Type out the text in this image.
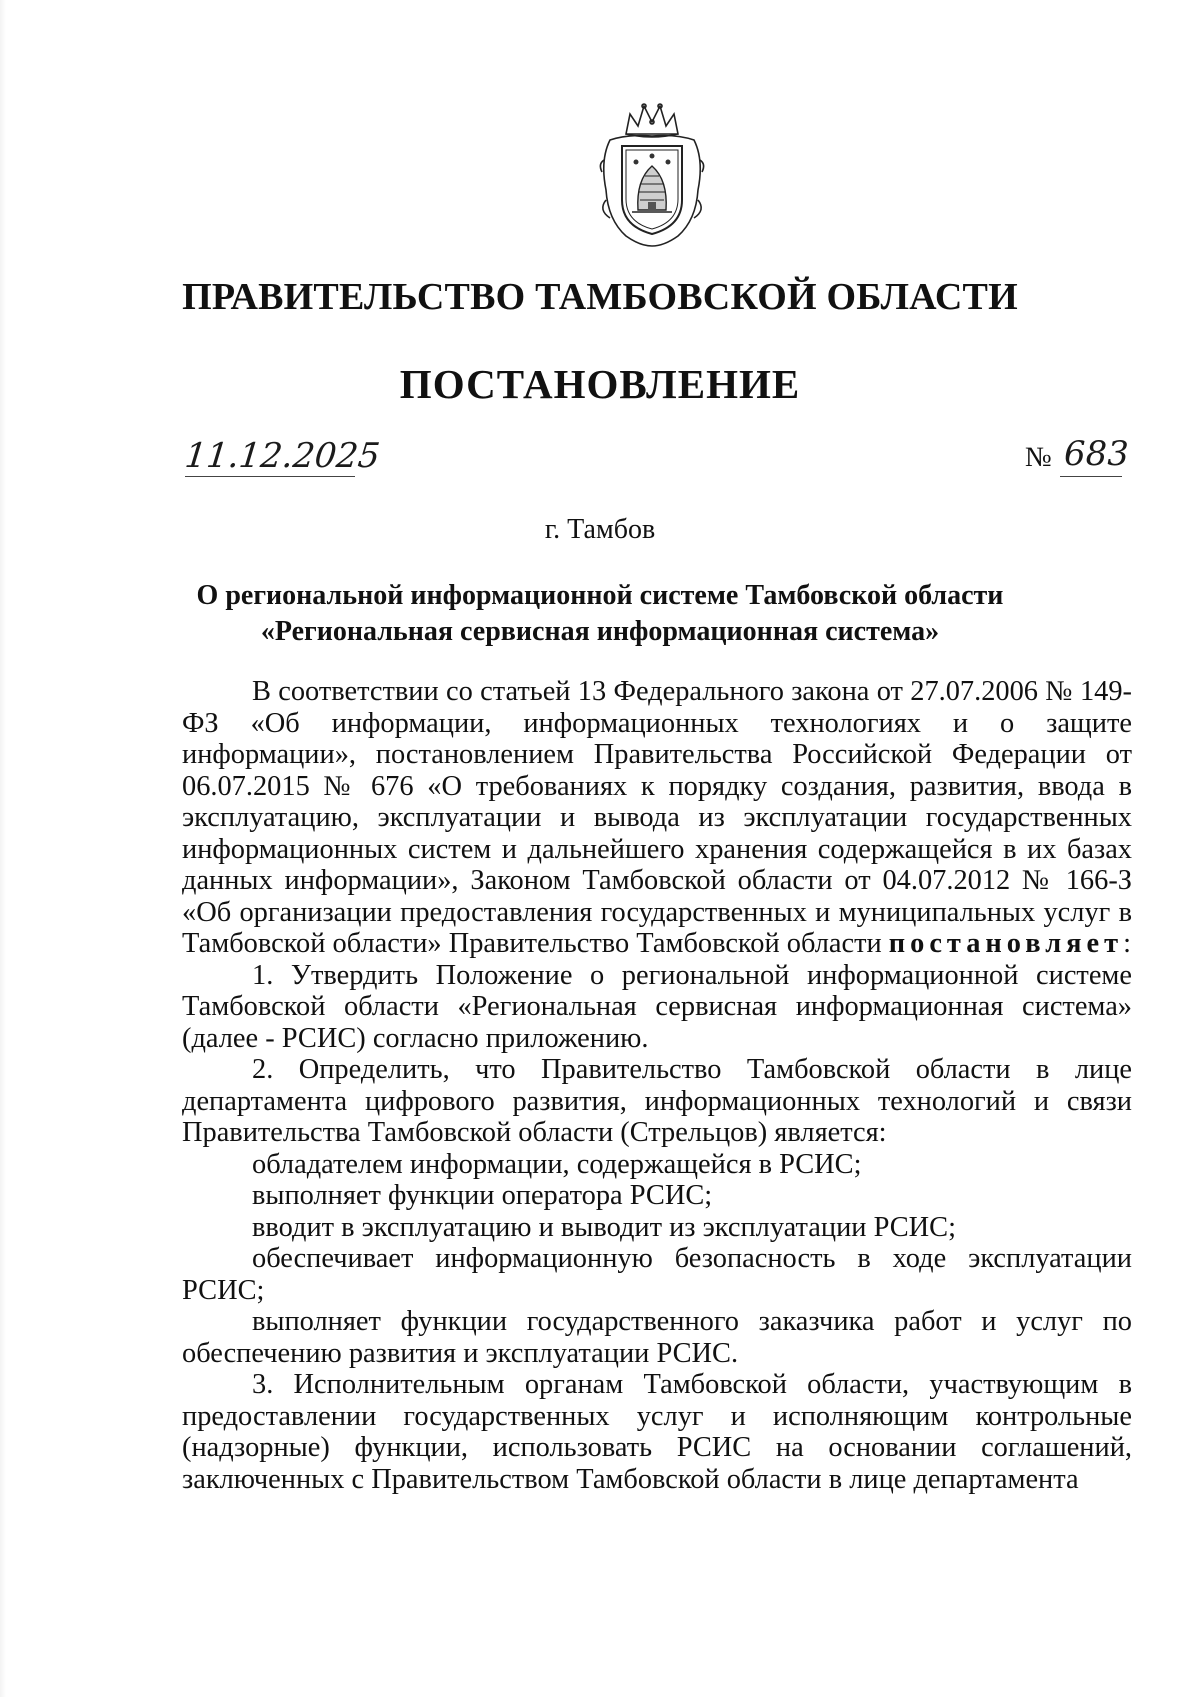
ПРАВИТЕЛЬСТВО ТАМБОВСКОЙ ОБЛАСТИ
ПОСТАНОВЛЕНИЕ
11.12.2025	№ 683
г. Тамбов
О региональной информационной системе Тамбовской области
«Региональная сервисная информационная система»

В соответствии со статьей 13 Федерального закона от 27.07.2006 № 149-ФЗ «Об информации, информационных технологиях и о защите информации», постановлением Правительства Российской Федерации от 06.07.2015 № 676 «О требованиях к порядку создания, развития, ввода в эксплуатацию, эксплуатации и вывода из эксплуатации государственных информационных систем и дальнейшего хранения содержащейся в их базах данных информации», Законом Тамбовской области от 04.07.2012 № 166-З «Об организации предоставления государственных и муниципальных услуг в Тамбовской области» Правительство Тамбовской области постановляет:

1. Утвердить Положение о региональной информационной системе Тамбовской области «Региональная сервисная информационная система» (далее - РСИС) согласно приложению.

2. Определить, что Правительство Тамбовской области в лице департамента цифрового развития, информационных технологий и связи Правительства Тамбовской области (Стрельцов) является:

обладателем информации, содержащейся в РСИС;

выполняет функции оператора РСИС;

вводит в эксплуатацию и выводит из эксплуатации РСИС;

обеспечивает информационную безопасность в ходе эксплуатации РСИС;

выполняет функции государственного заказчика работ и услуг по обеспечению развития и эксплуатации РСИС.

3. Исполнительным органам Тамбовской области, участвующим в предоставлении государственных услуг и исполняющим контрольные (надзорные) функции, использовать РСИС на основании соглашений, заключенных с Правительством Тамбовской области в лице департамента
